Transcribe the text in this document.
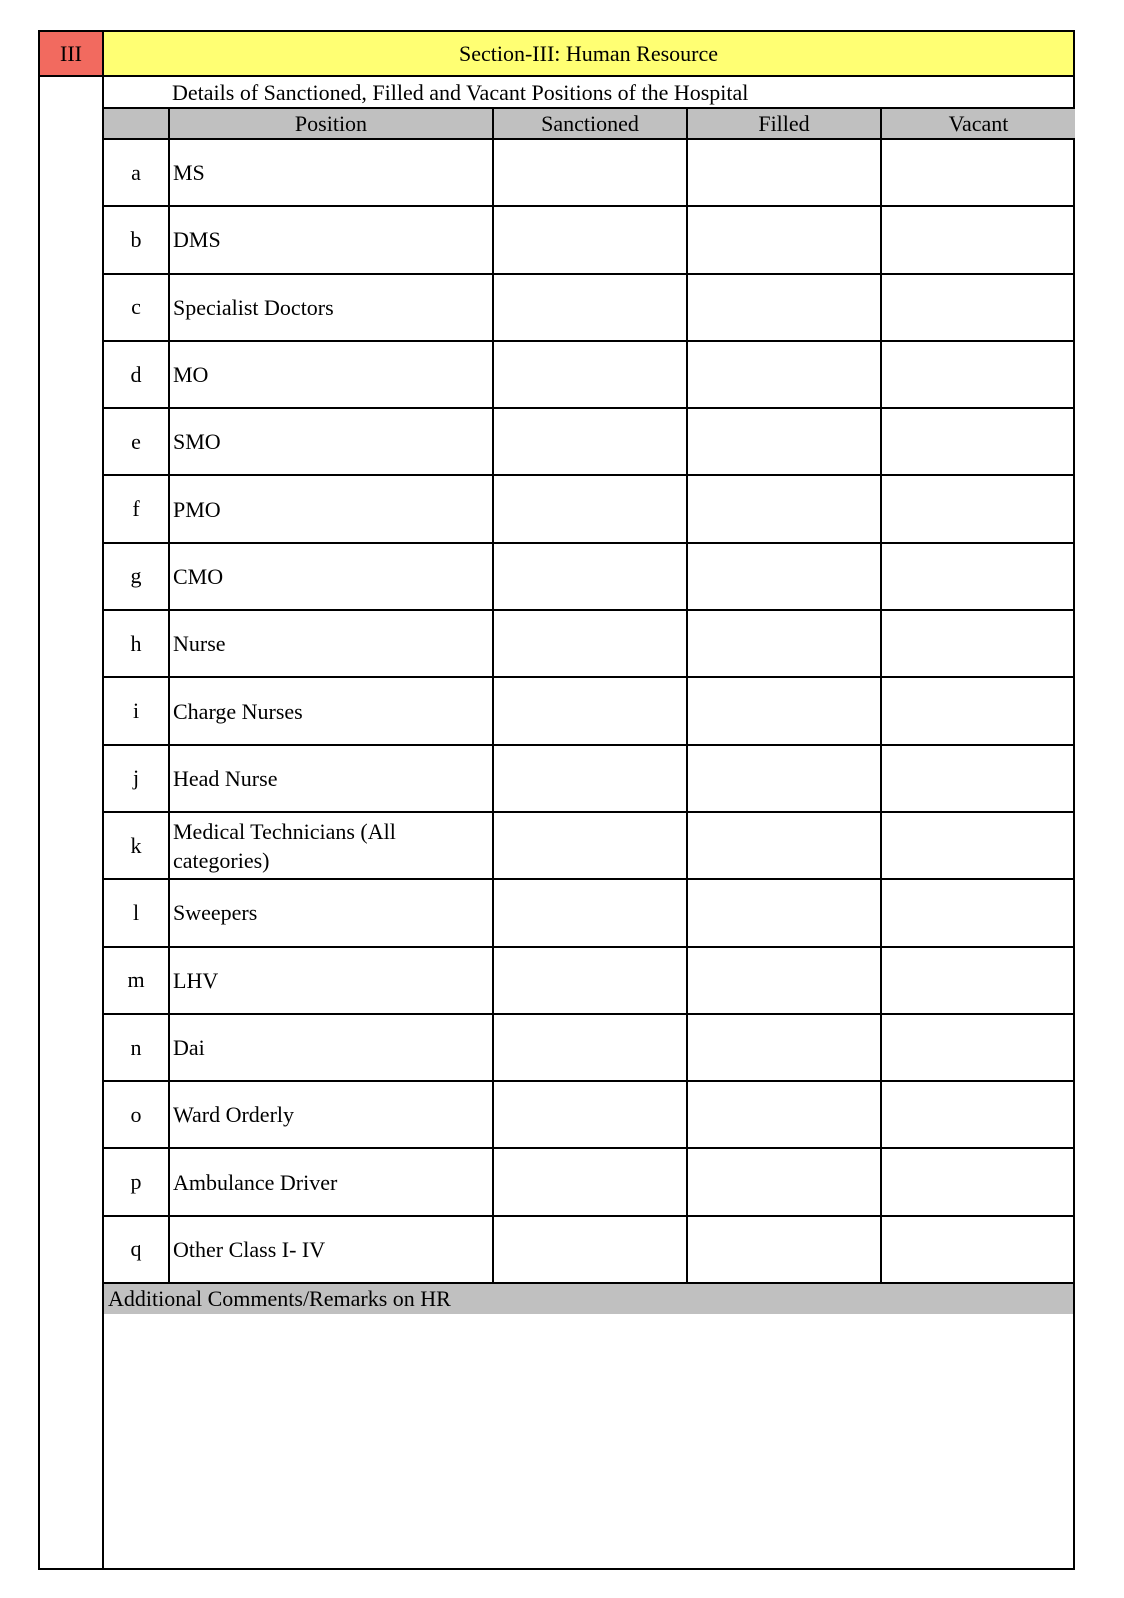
III	Section-III: Human Resource
Details of Sanctioned, Filled and Vacant Positions of the Hospital
	Position	Sanctioned	Filled	Vacant
a	MS			
b	DMS			
c	Specialist Doctors			
d	MO			
e	SMO			
f	PMO			
g	CMO			
h	Nurse			
i	Charge Nurses			
j	Head Nurse			
k	Medical Technicians (All categories)			
l	Sweepers			
m	LHV			
n	Dai			
o	Ward Orderly			
p	Ambulance Driver			
q	Other Class I- IV			
Additional Comments/Remarks on HR
